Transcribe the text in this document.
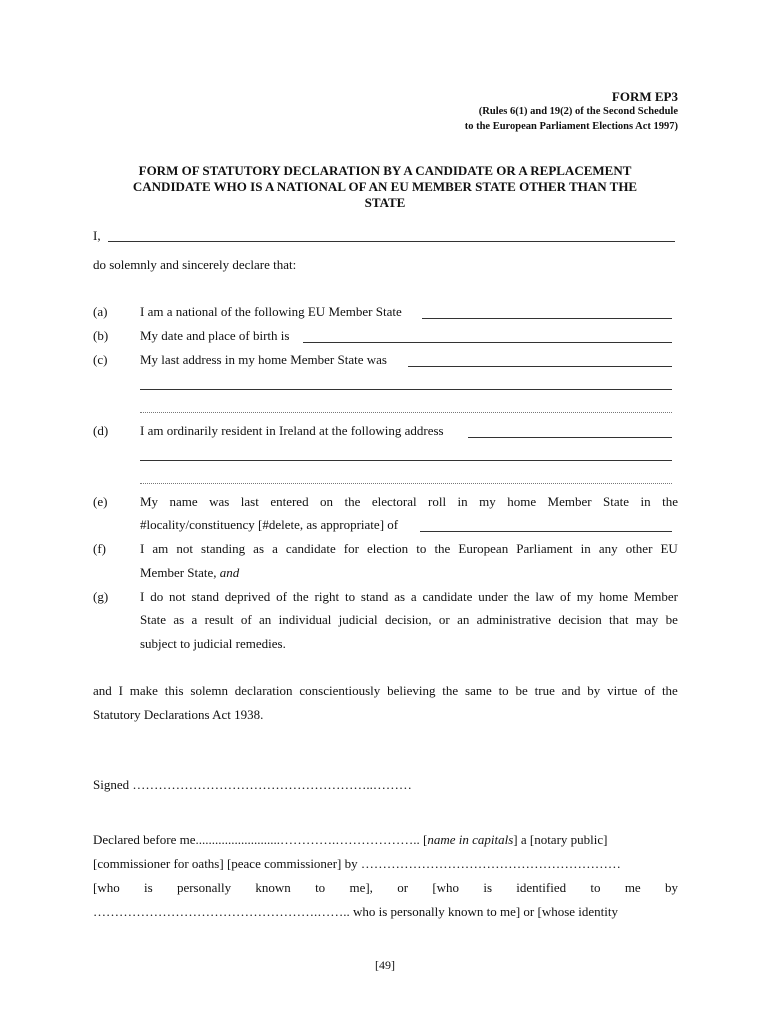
FORM EP3
(Rules 6(1) and 19(2) of the Second Schedule
to the European Parliament Elections Act 1997)
FORM OF STATUTORY DECLARATION BY A CANDIDATE OR A REPLACEMENT
CANDIDATE WHO IS A NATIONAL OF AN EU MEMBER STATE OTHER THAN THE
STATE
I,
do solemnly and sincerely declare that:
(a)	I am a national of the following EU Member State
(b) My date and place of birth is
(c)	My last address in my home Member State was
(d) I am ordinarily resident in Ireland at the following address
(e)	My name was last entered on the electoral roll in my home Member State in the
#locality/constituency [#delete, as appropriate] of
(f)	I am not standing as a candidate for election to the European Parliament in any other EU
Member State, and
(g) I do not stand deprived of the right to stand as a candidate under the law of my home Member
State as a result of an individual judicial decision, or an administrative decision that may be
subject to judicial remedies.
and I make this solemn declaration conscientiously believing the same to be true and by virtue of the
Statutory Declarations Act 1938.
Signed ………………………………………………..………
Declared before me..........................………….……………….. [name in capitals] a [notary public]
[commissioner for oaths] [peace commissioner] by ……………………………………………………
[who is personally known to me], or [who is identified to me by
…………………………………………….…….. who is personally known to me] or [whose identity
[49]
